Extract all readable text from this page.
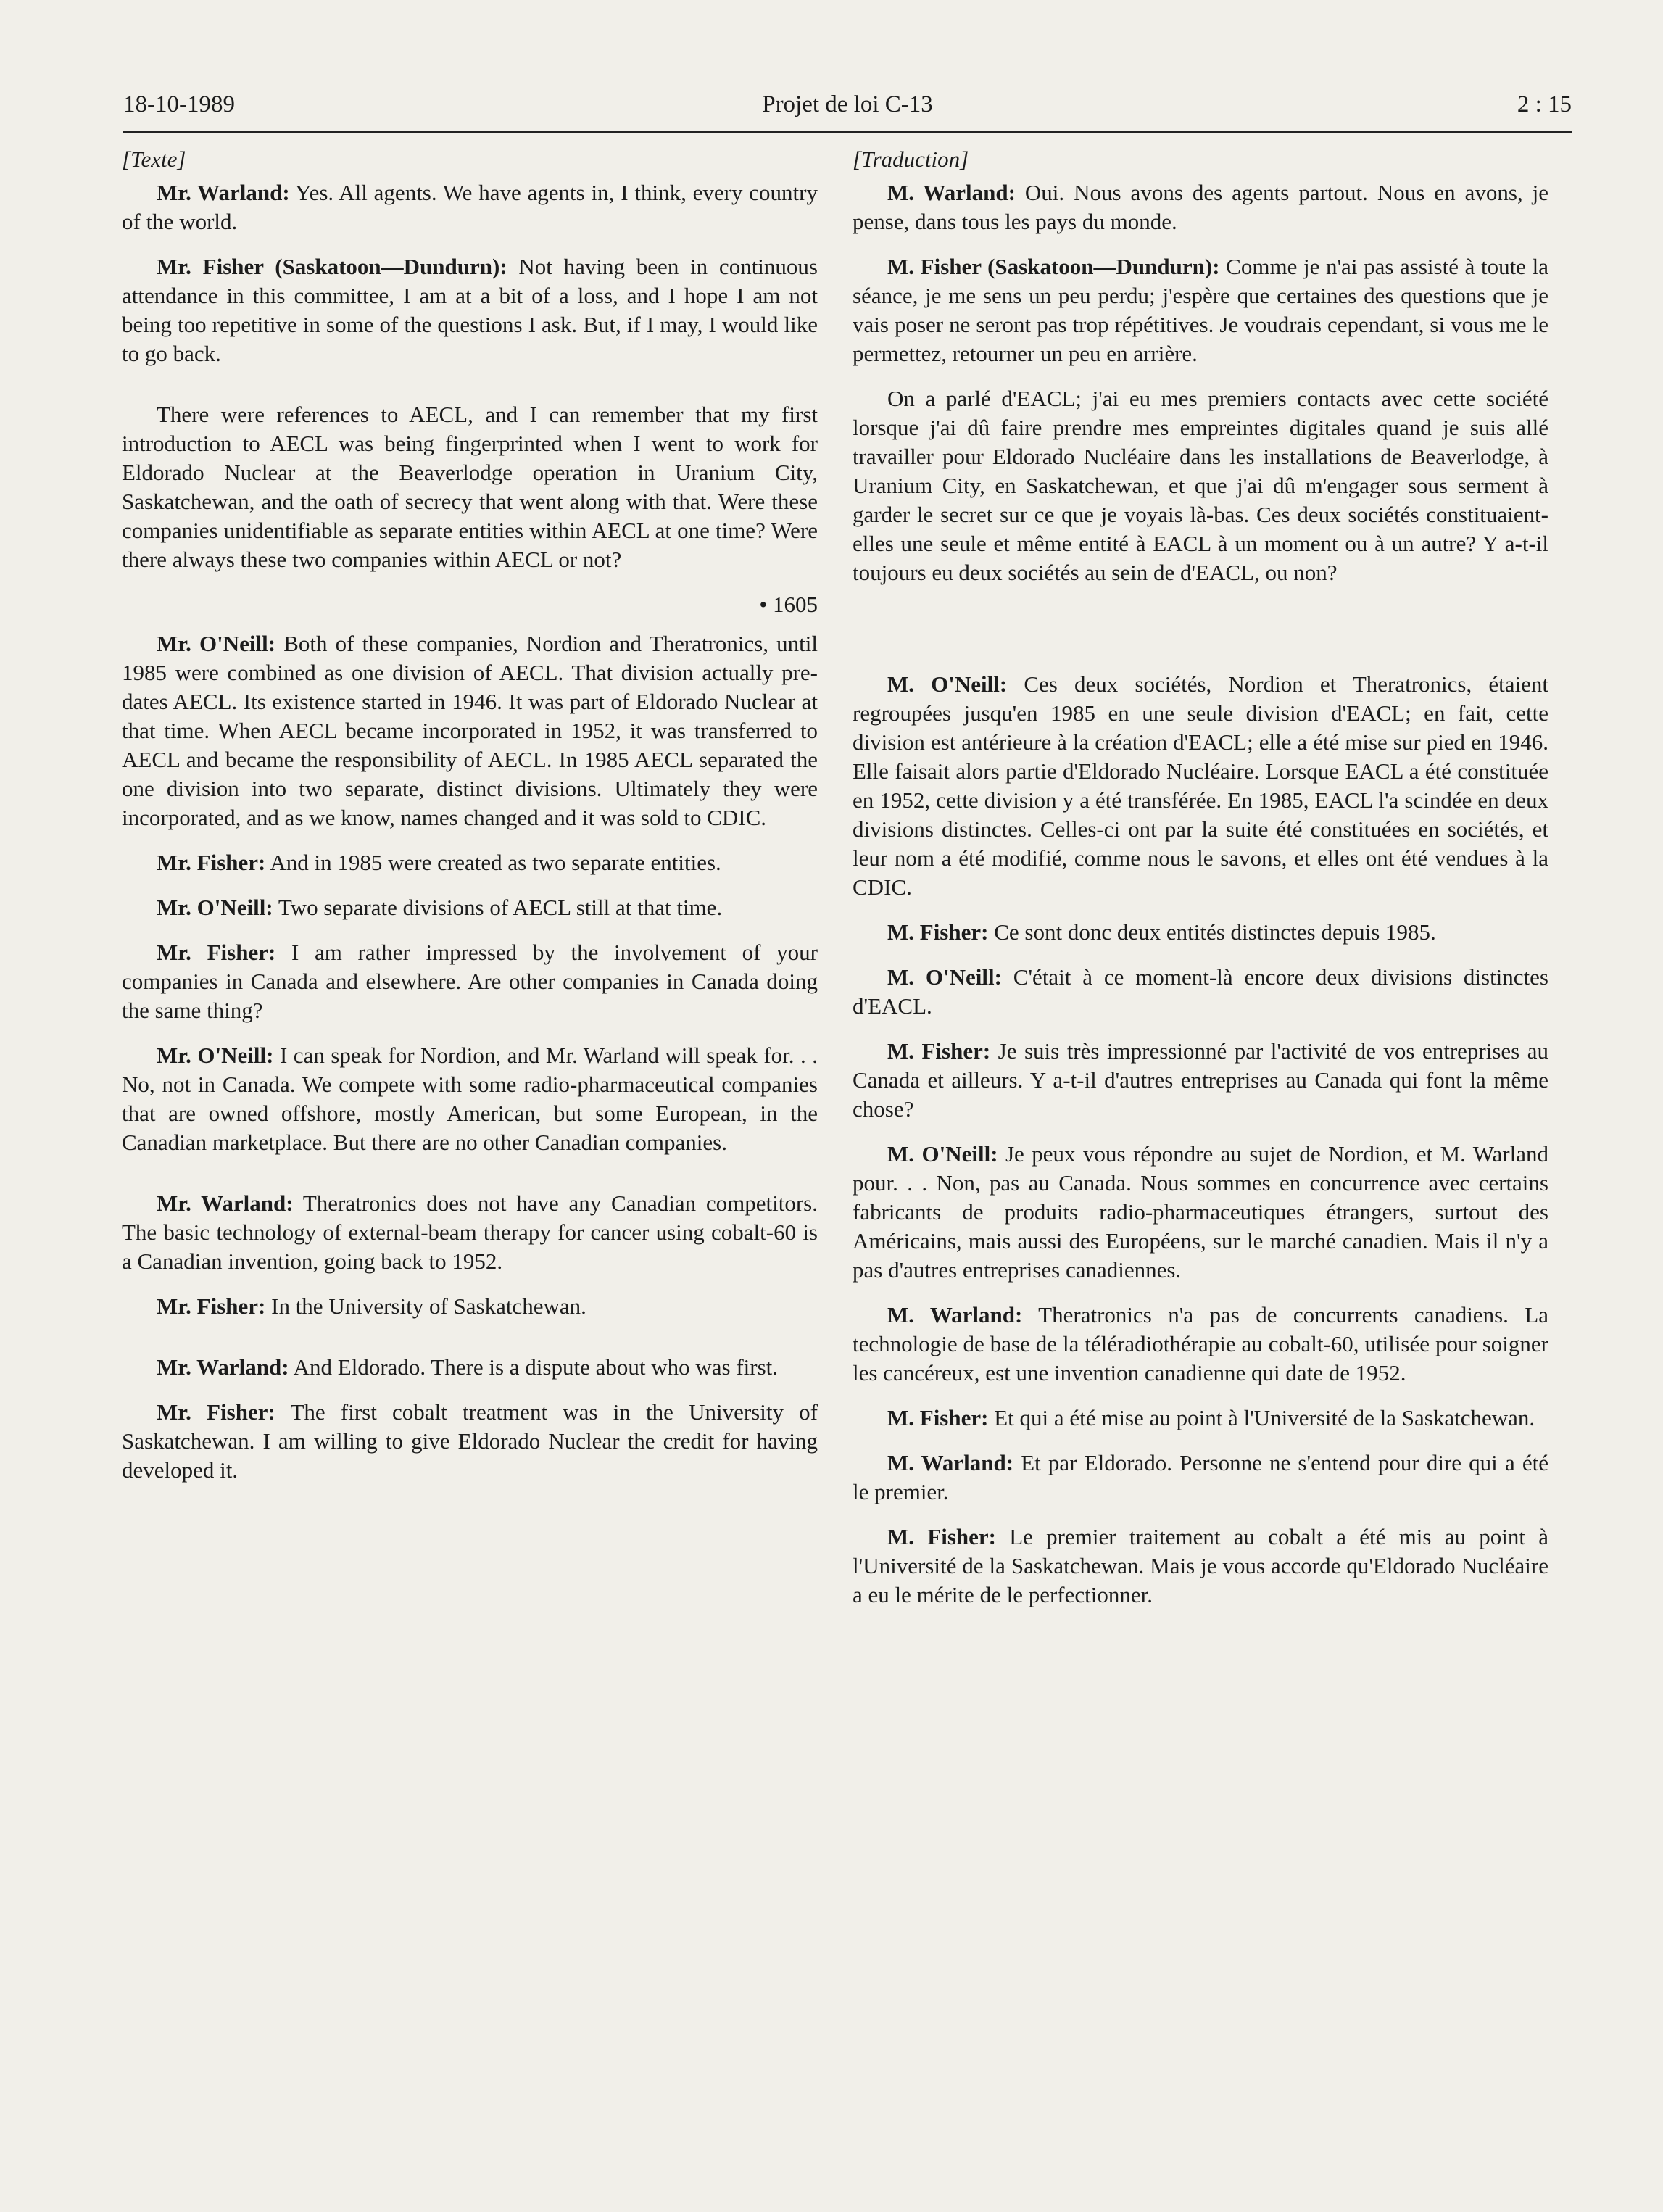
18-10-1989	Projet de loi C-13	2 : 15
[Texte]

Mr. Warland: Yes. All agents. We have agents in, I think, every country of the world.

Mr. Fisher (Saskatoon—Dundurn): Not having been in continuous attendance in this committee, I am at a bit of a loss, and I hope I am not being too repetitive in some of the questions I ask. But, if I may, I would like to go back.

There were references to AECL, and I can remember that my first introduction to AECL was being fingerprinted when I went to work for Eldorado Nuclear at the Beaverlodge operation in Uranium City, Saskatchewan, and the oath of secrecy that went along with that. Were these companies unidentifiable as separate entities within AECL at one time? Were there always these two companies within AECL or not?

• 1605

Mr. O'Neill: Both of these companies, Nordion and Theratronics, until 1985 were combined as one division of AECL. That division actually pre-dates AECL. Its existence started in 1946. It was part of Eldorado Nuclear at that time. When AECL became incorporated in 1952, it was transferred to AECL and became the responsibility of AECL. In 1985 AECL separated the one division into two separate, distinct divisions. Ultimately they were incorporated, and as we know, names changed and it was sold to CDIC.

Mr. Fisher: And in 1985 were created as two separate entities.

Mr. O'Neill: Two separate divisions of AECL still at that time.

Mr. Fisher: I am rather impressed by the involvement of your companies in Canada and elsewhere. Are other companies in Canada doing the same thing?

Mr. O'Neill: I can speak for Nordion, and Mr. Warland will speak for. . . No, not in Canada. We compete with some radio-pharmaceutical companies that are owned offshore, mostly American, but some European, in the Canadian marketplace. But there are no other Canadian companies.

Mr. Warland: Theratronics does not have any Canadian competitors. The basic technology of external-beam therapy for cancer using cobalt-60 is a Canadian invention, going back to 1952.

Mr. Fisher: In the University of Saskatchewan.

Mr. Warland: And Eldorado. There is a dispute about who was first.

Mr. Fisher: The first cobalt treatment was in the University of Saskatchewan. I am willing to give Eldorado Nuclear the credit for having developed it.

[Traduction]

M. Warland: Oui. Nous avons des agents partout. Nous en avons, je pense, dans tous les pays du monde.

M. Fisher (Saskatoon—Dundurn): Comme je n'ai pas assisté à toute la séance, je me sens un peu perdu; j'espère que certaines des questions que je vais poser ne seront pas trop répétitives. Je voudrais cependant, si vous me le permettez, retourner un peu en arrière.

On a parlé d'EACL; j'ai eu mes premiers contacts avec cette société lorsque j'ai dû faire prendre mes empreintes digitales quand je suis allé travailler pour Eldorado Nucléaire dans les installations de Beaverlodge, à Uranium City, en Saskatchewan, et que j'ai dû m'engager sous serment à garder le secret sur ce que je voyais là-bas. Ces deux sociétés constituaient-elles une seule et même entité à EACL à un moment ou à un autre? Y a-t-il toujours eu deux sociétés au sein de d'EACL, ou non?

M. O'Neill: Ces deux sociétés, Nordion et Theratronics, étaient regroupées jusqu'en 1985 en une seule division d'EACL; en fait, cette division est antérieure à la création d'EACL; elle a été mise sur pied en 1946. Elle faisait alors partie d'Eldorado Nucléaire. Lorsque EACL a été constituée en 1952, cette division y a été transférée. En 1985, EACL l'a scindée en deux divisions distinctes. Celles-ci ont par la suite été constituées en sociétés, et leur nom a été modifié, comme nous le savons, et elles ont été vendues à la CDIC.

M. Fisher: Ce sont donc deux entités distinctes depuis 1985.

M. O'Neill: C'était à ce moment-là encore deux divisions distinctes d'EACL.

M. Fisher: Je suis très impressionné par l'activité de vos entreprises au Canada et ailleurs. Y a-t-il d'autres entreprises au Canada qui font la même chose?

M. O'Neill: Je peux vous répondre au sujet de Nordion, et M. Warland pour. . . Non, pas au Canada. Nous sommes en concurrence avec certains fabricants de produits radio-pharmaceutiques étrangers, surtout des Américains, mais aussi des Européens, sur le marché canadien. Mais il n'y a pas d'autres entreprises canadiennes.

M. Warland: Theratronics n'a pas de concurrents canadiens. La technologie de base de la téléradiothérapie au cobalt-60, utilisée pour soigner les cancéreux, est une invention canadienne qui date de 1952.

M. Fisher: Et qui a été mise au point à l'Université de la Saskatchewan.

M. Warland: Et par Eldorado. Personne ne s'entend pour dire qui a été le premier.

M. Fisher: Le premier traitement au cobalt a été mis au point à l'Université de la Saskatchewan. Mais je vous accorde qu'Eldorado Nucléaire a eu le mérite de le perfectionner.
